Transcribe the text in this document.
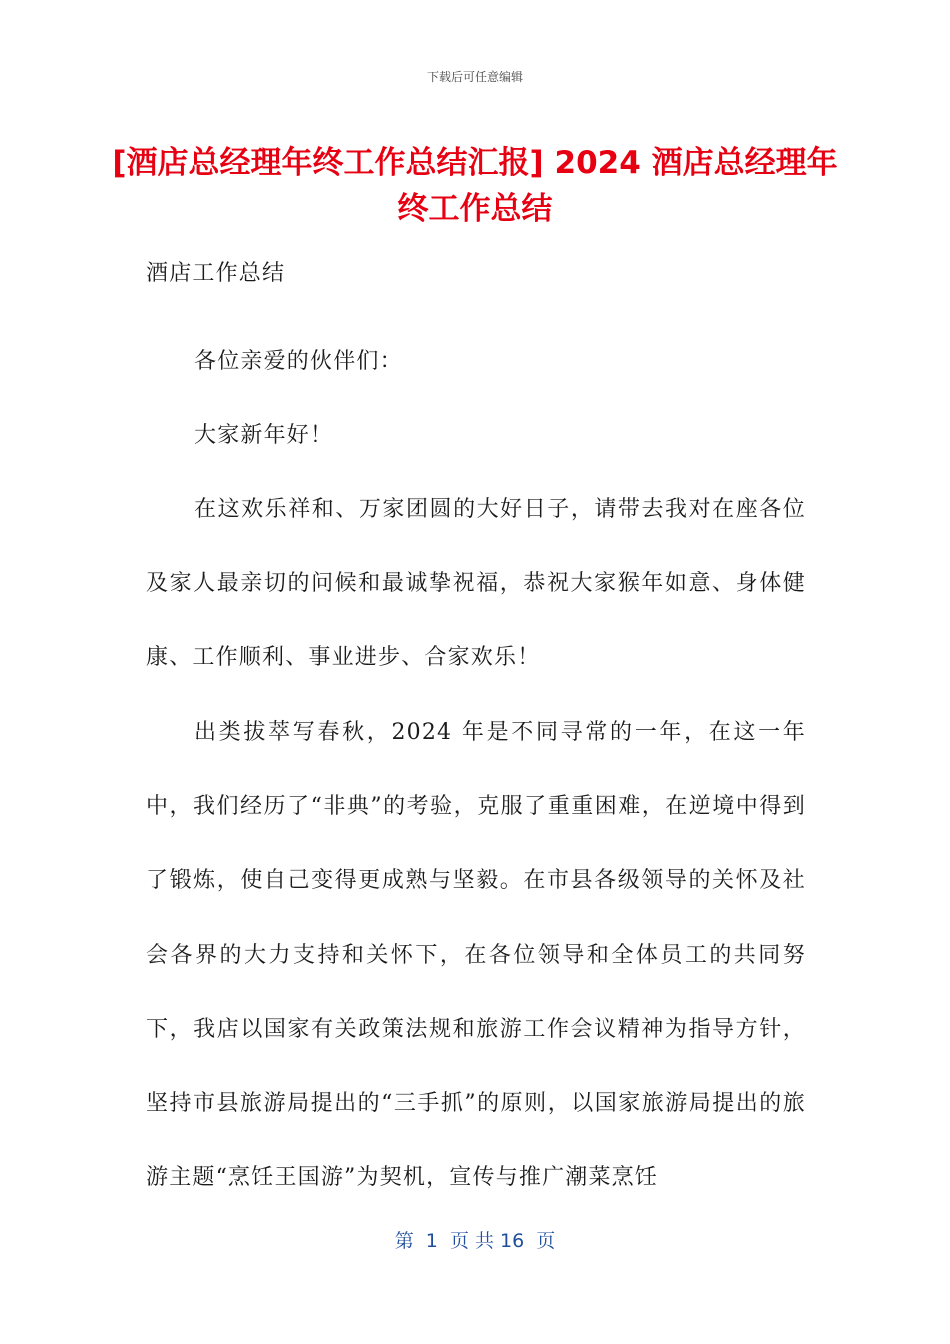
下载后可任意编辑
[酒店总经理年终工作总结汇报] 2024 酒店总经理年终工作总结
酒店工作总结
各位亲爱的伙伴们：
大家新年好！
在这欢乐祥和、万家团圆的大好日子，请带去我对在座各位及家人最亲切的问候和最诚挚祝福，恭祝大家猴年如意、身体健康、工作顺利、事业进步、合家欢乐！
出类拔萃写春秋，2024 年是不同寻常的一年，在这一年中，我们经历了“非典”的考验，克服了重重困难，在逆境中得到了锻炼，使自己变得更成熟与坚毅。在市县各级领导的关怀及社会各界的大力支持和关怀下，在各位领导和全体员工的共同努下，我店以国家有关政策法规和旅游工作会议精神为指导方针，坚持市县旅游局提出的“三手抓”的原则，以国家旅游局提出的旅游主题“烹饪王国游”为契机，宣传与推广潮菜烹饪
第  1  页 共 16  页
